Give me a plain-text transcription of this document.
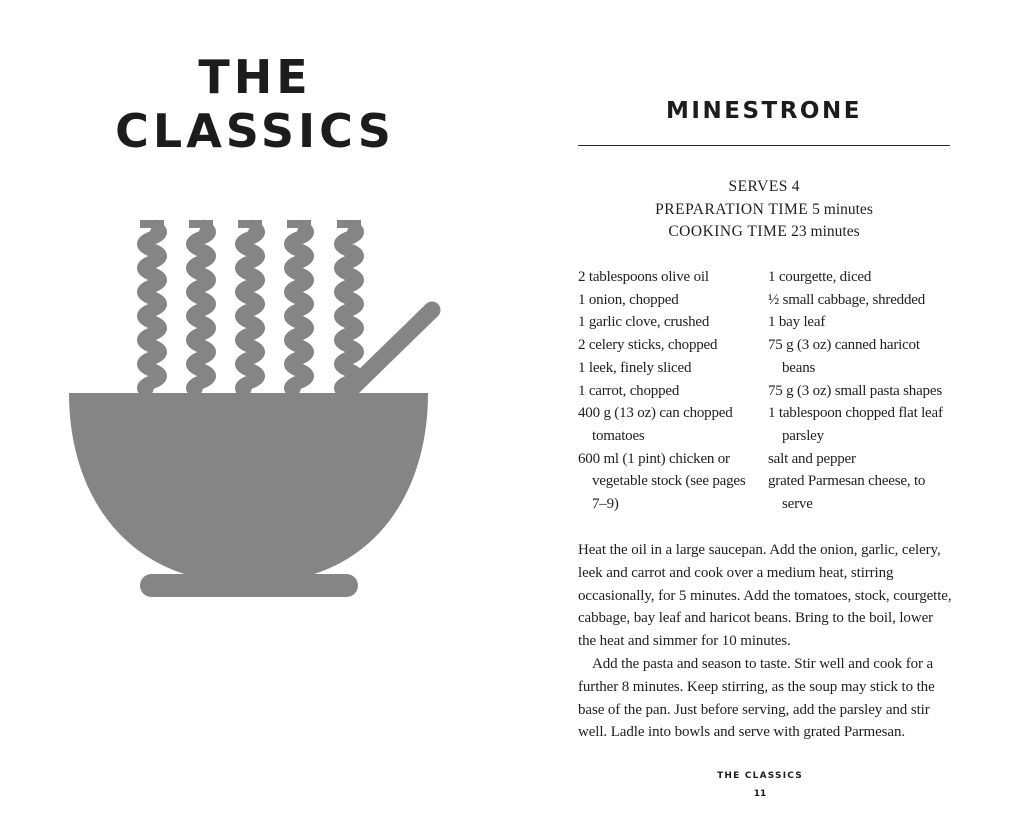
THE
CLASSICS	MINESTRONE
SERVES 4
PREPARATION TIME 5 minutes
COOKING TIME 23 minutes
2 tablespoons olive oil
1 onion, chopped
1 garlic clove, crushed
2 celery sticks, chopped
1 leek, finely sliced
1 carrot, chopped
400 g (13 oz) can chopped tomatoes
600 ml (1 pint) chicken or vegetable stock (see pages 7–9)
1 courgette, diced
½ small cabbage, shredded
1 bay leaf
75 g (3 oz) canned haricot beans
75 g (3 oz) small pasta shapes
1 tablespoon chopped flat leaf parsley
salt and pepper
grated Parmesan cheese, to serve

Heat the oil in a large saucepan. Add the onion, garlic, celery, leek and carrot and cook over a medium heat, stirring occasionally, for 5 minutes. Add the tomatoes, stock, courgette, cabbage, bay leaf and haricot beans. Bring to the boil, lower the heat and simmer for 10 minutes.

Add the pasta and season to taste. Stir well and cook for a further 8 minutes. Keep stirring, as the soup may stick to the base of the pan. Just before serving, add the parsley and stir well. Ladle into bowls and serve with grated Parmesan.

THE CLASSICS
11
